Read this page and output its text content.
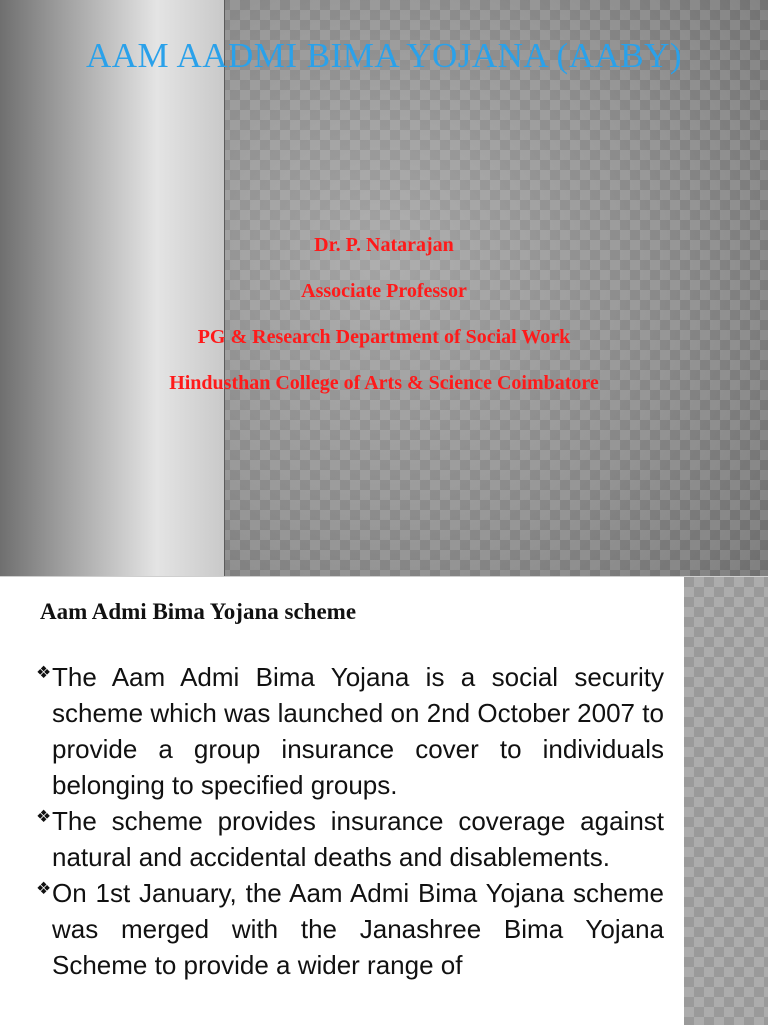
AAM AADMI BIMA YOJANA (AABY)
Dr. P. Natarajan
Associate Professor
PG & Research Department of Social Work
Hindusthan College of Arts & Science Coimbatore
Aam Admi Bima Yojana scheme
❖ The Aam Admi Bima Yojana is a social security scheme which was launched on 2nd October 2007 to provide a group insurance cover to individuals belonging to specified groups.
❖ The scheme provides insurance coverage against natural and accidental deaths and disablements.
❖ On 1st January, the Aam Admi Bima Yojana scheme was merged with the Janashree Bima Yojana Scheme to provide a wider range of
